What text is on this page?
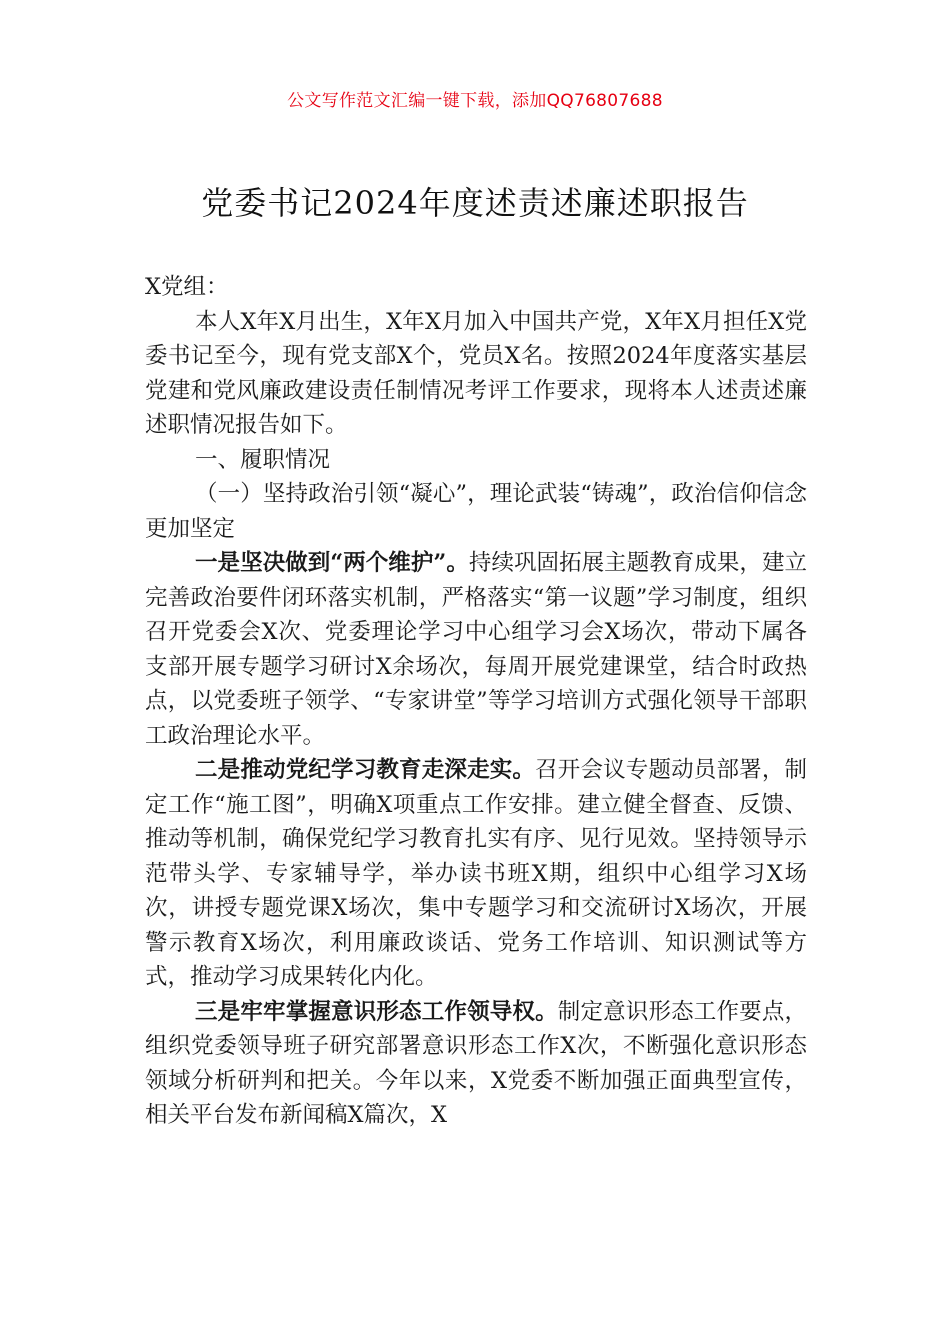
公文写作范文汇编一键下载，添加QQ76807688
党委书记2024年度述责述廉述职报告

X党组：

本人X年X月出生，X年X月加入中国共产党，X年X月担任X党委书记至今，现有党支部X个，党员X名。按照2024年度落实基层党建和党风廉政建设责任制情况考评工作要求，现将本人述责述廉述职情况报告如下。

一、履职情况

（一）坚持政治引领“凝心”，理论武装“铸魂”，政治信仰信念更加坚定

一是坚决做到“两个维护”。持续巩固拓展主题教育成果，建立完善政治要件闭环落实机制，严格落实“第一议题”学习制度，组织召开党委会X次、党委理论学习中心组学习会X场次，带动下属各支部开展专题学习研讨X余场次，每周开展党建课堂，结合时政热点，以党委班子领学、“专家讲堂”等学习培训方式强化领导干部职工政治理论水平。

二是推动党纪学习教育走深走实。召开会议专题动员部署，制定工作“施工图”，明确X项重点工作安排。建立健全督查、反馈、推动等机制，确保党纪学习教育扎实有序、见行见效。坚持领导示范带头学、专家辅导学，举办读书班X期，组织中心组学习X场次，讲授专题党课X场次，集中专题学习和交流研讨X场次，开展警示教育X场次，利用廉政谈话、党务工作培训、知识测试等方式，推动学习成果转化内化。

三是牢牢掌握意识形态工作领导权。制定意识形态工作要点，组织党委领导班子研究部署意识形态工作X次，不断强化意识形态领域分析研判和把关。今年以来，X党委不断加强正面典型宣传，相关平台发布新闻稿X篇次，X
